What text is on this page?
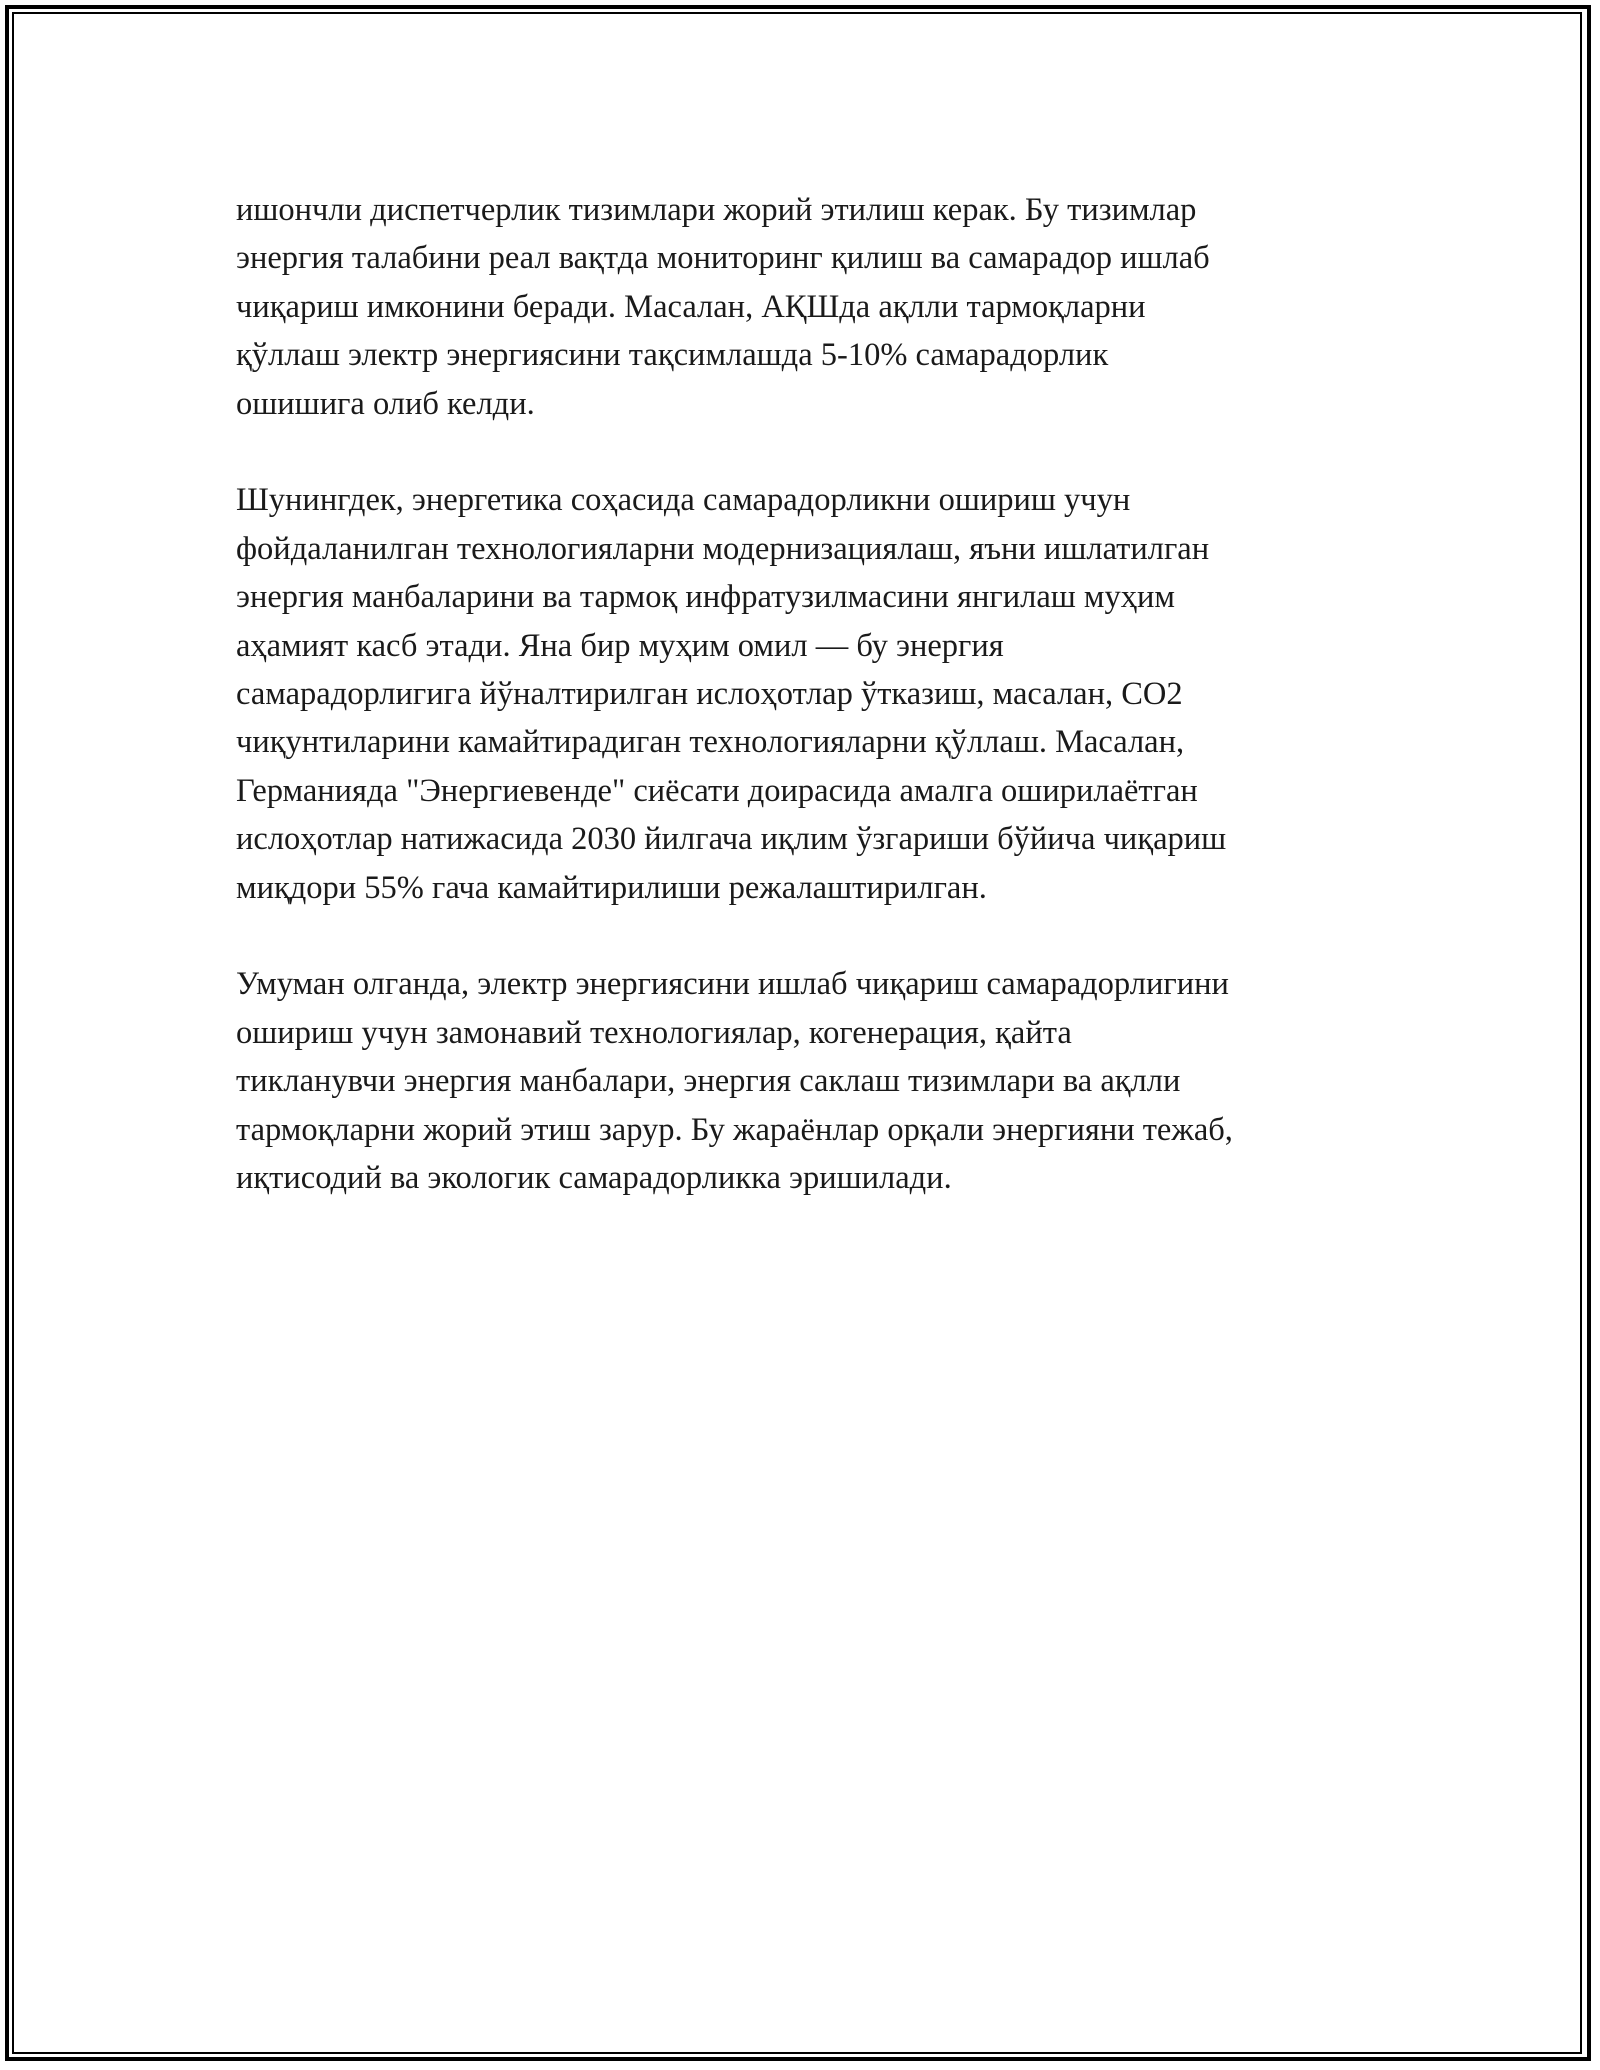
ишончли диспетчерлик тизимлари жорий этилиш керак. Бу тизимлар
энергия талабини реал вақтда мониторинг қилиш ва самарадор ишлаб
чиқариш имконини беради. Масалан, АҚШда ақлли тармоқларни
қўллаш электр энергиясини тақсимлашда 5-10% самарадорлик
ошишига олиб келди.

Шунингдек, энергетика соҳасида самарадорликни ошириш учун
фойдаланилган технологияларни модернизациялаш, яъни ишлатилган
энергия манбаларини ва тармоқ инфратузилмасини янгилаш муҳим
аҳамият касб этади. Яна бир муҳим омил — бу энергия
самарадорлигига йўналтирилган ислоҳотлар ўтказиш, масалан, CO2
чиқунтиларини камайтирадиган технологияларни қўллаш. Масалан,
Германияда "Энергиевенде" сиёсати доирасида амалга оширилаётган
ислоҳотлар натижасида 2030 йилгача иқлим ўзгариши бўйича чиқариш
миқдори 55% гача камайтирилиши режалаштирилган.

Умуман олганда, электр энергиясини ишлаб чиқариш самарадорлигини
ошириш учун замонавий технологиялар, когенерация, қайта
тикланувчи энергия манбалари, энергия саклаш тизимлари ва ақлли
тармоқларни жорий этиш зарур. Бу жараёнлар орқали энергияни тежаб,
иқтисодий ва экологик самарадорликка эришилади.
